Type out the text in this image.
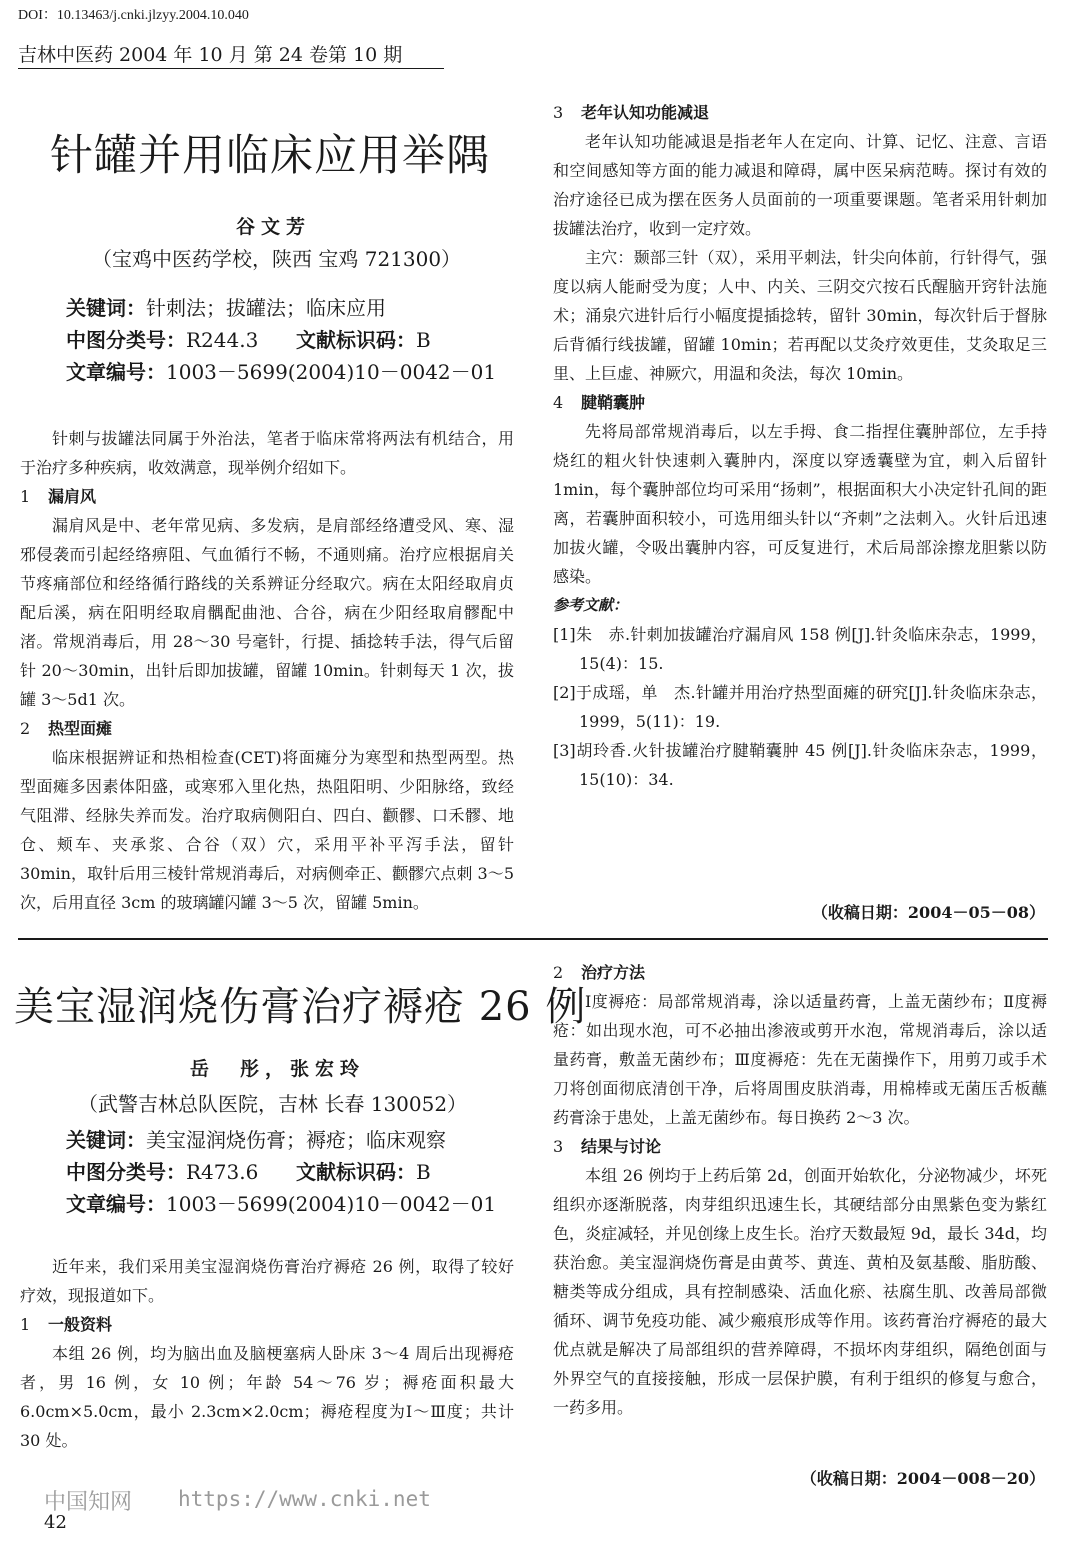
DOI：10.13463/j.cnki.jlzyy.2004.10.040
吉林中医药 2004 年 10 月 第 24 卷第 10 期
针罐并用临床应用举隅
谷文芳
（宝鸡中医药学校，陕西 宝鸡 721300）
关键词：针刺法；拔罐法；临床应用
中图分类号：R244.3 文献标识码：B
文章编号：1003－5699(2004)10－0042－01

针刺与拔罐法同属于外治法，笔者于临床常将两法有机结合，用于治疗多种疾病，收效满意，现举例介绍如下。

1 漏肩风

漏肩风是中、老年常见病、多发病，是肩部经络遭受风、寒、湿邪侵袭而引起经络痹阻、气血循行不畅，不通则痛。治疗应根据肩关节疼痛部位和经络循行路线的关系辨证分经取穴。病在太阳经取肩贞配后溪，病在阳明经取肩髃配曲池、合谷，病在少阳经取肩髎配中渚。常规消毒后，用 28～30 号毫针，行提、插捻转手法，得气后留针 20～30min，出针后即加拔罐，留罐 10min。针刺每天 1 次，拔罐 3～5d1 次。

2 热型面瘫

临床根据辨证和热相检查(CET)将面瘫分为寒型和热型两型。热型面瘫多因素体阳盛，或寒邪入里化热，热阻阳明、少阳脉络，致经气阻滞、经脉失养而发。治疗取病侧阳白、四白、颧髎、口禾髎、地仓、颊车、夹承浆、合谷（双）穴，采用平补平泻手法，留针 30min，取针后用三棱针常规消毒后，对病侧牵正、颧髎穴点刺 3～5 次，后用直径 3cm 的玻璃罐闪罐 3～5 次，留罐 5min。

3 老年认知功能减退

老年认知功能减退是指老年人在定向、计算、记忆、注意、言语和空间感知等方面的能力减退和障碍，属中医呆病范畴。探讨有效的治疗途径已成为摆在医务人员面前的一项重要课题。笔者采用针刺加拔罐法治疗，收到一定疗效。

主穴：颞部三针（双），采用平刺法，针尖向体前，行针得气，强度以病人能耐受为度；人中、内关、三阴交穴按石氏醒脑开窍针法施术；涌泉穴进针后行小幅度提插捻转，留针 30min，每次针后于督脉后背循行线拔罐，留罐 10min；若再配以艾灸疗效更佳，艾灸取足三里、上巨虚、神厥穴，用温和灸法，每次 10min。

4 腱鞘囊肿

先将局部常规消毒后，以左手拇、食二指捏住囊肿部位，左手持烧红的粗火针快速刺入囊肿内，深度以穿透囊壁为宜，刺入后留针 1min，每个囊肿部位均可采用“扬刺”，根据面积大小决定针孔间的距离，若囊肿面积较小，可选用细头针以“齐刺”之法刺入。火针后迅速加拔火罐，令吸出囊肿内容，可反复进行，术后局部涂擦龙胆紫以防感染。

参考文献：

[1]朱　赤.针刺加拔罐治疗漏肩风 158 例[J].针灸临床杂志，1999，15(4)：15.

[2]于成瑶，单　杰.针罐并用治疗热型面瘫的研究[J].针灸临床杂志，1999，5(11)：19.

[3]胡玲香.火针拔罐治疗腱鞘囊肿 45 例[J].针灸临床杂志，1999，15(10)：34.

（收稿日期：2004－05－08）
美宝湿润烧伤膏治疗褥疮 26 例
岳　彤，张宏玲
（武警吉林总队医院，吉林 长春 130052）
关键词：美宝湿润烧伤膏；褥疮；临床观察
中图分类号：R473.6 文献标识码：B
文章编号：1003－5699(2004)10－0042－01

近年来，我们采用美宝湿润烧伤膏治疗褥疮 26 例，取得了较好疗效，现报道如下。

1 一般资料

本组 26 例，均为脑出血及脑梗塞病人卧床 3～4 周后出现褥疮者，男 16 例，女 10 例；年龄 54～76 岁；褥疮面积最大 6.0cm×5.0cm，最小 2.3cm×2.0cm；褥疮程度为Ⅰ～Ⅲ度；共计 30 处。

2 治疗方法

Ⅰ度褥疮：局部常规消毒，涂以适量药膏，上盖无菌纱布；Ⅱ度褥疮：如出现水泡，可不必抽出渗液或剪开水泡，常规消毒后，涂以适量药膏，敷盖无菌纱布；Ⅲ度褥疮：先在无菌操作下，用剪刀或手术刀将创面彻底清创干净，后将周围皮肤消毒，用棉棒或无菌压舌板蘸药膏涂于患处，上盖无菌纱布。每日换药 2～3 次。

3 结果与讨论

本组 26 例均于上药后第 2d，创面开始软化，分泌物减少，坏死组织亦逐渐脱落，肉芽组织迅速生长，其硬结部分由黑紫色变为紫红色，炎症减轻，并见创缘上皮生长。治疗天数最短 9d，最长 34d，均获治愈。美宝湿润烧伤膏是由黄芩、黄连、黄柏及氨基酸、脂肪酸、糖类等成分组成，具有控制感染、活血化瘀、祛腐生肌、改善局部微循环、调节免疫功能、减少瘢痕形成等作用。该药膏治疗褥疮的最大优点就是解决了局部组织的营养障碍，不损坏肉芽组织，隔绝创面与外界空气的直接接触，形成一层保护膜，有利于组织的修复与愈合，一药多用。

（收稿日期：2004－008－20）
中国知网 https://www.cnki.net
42
